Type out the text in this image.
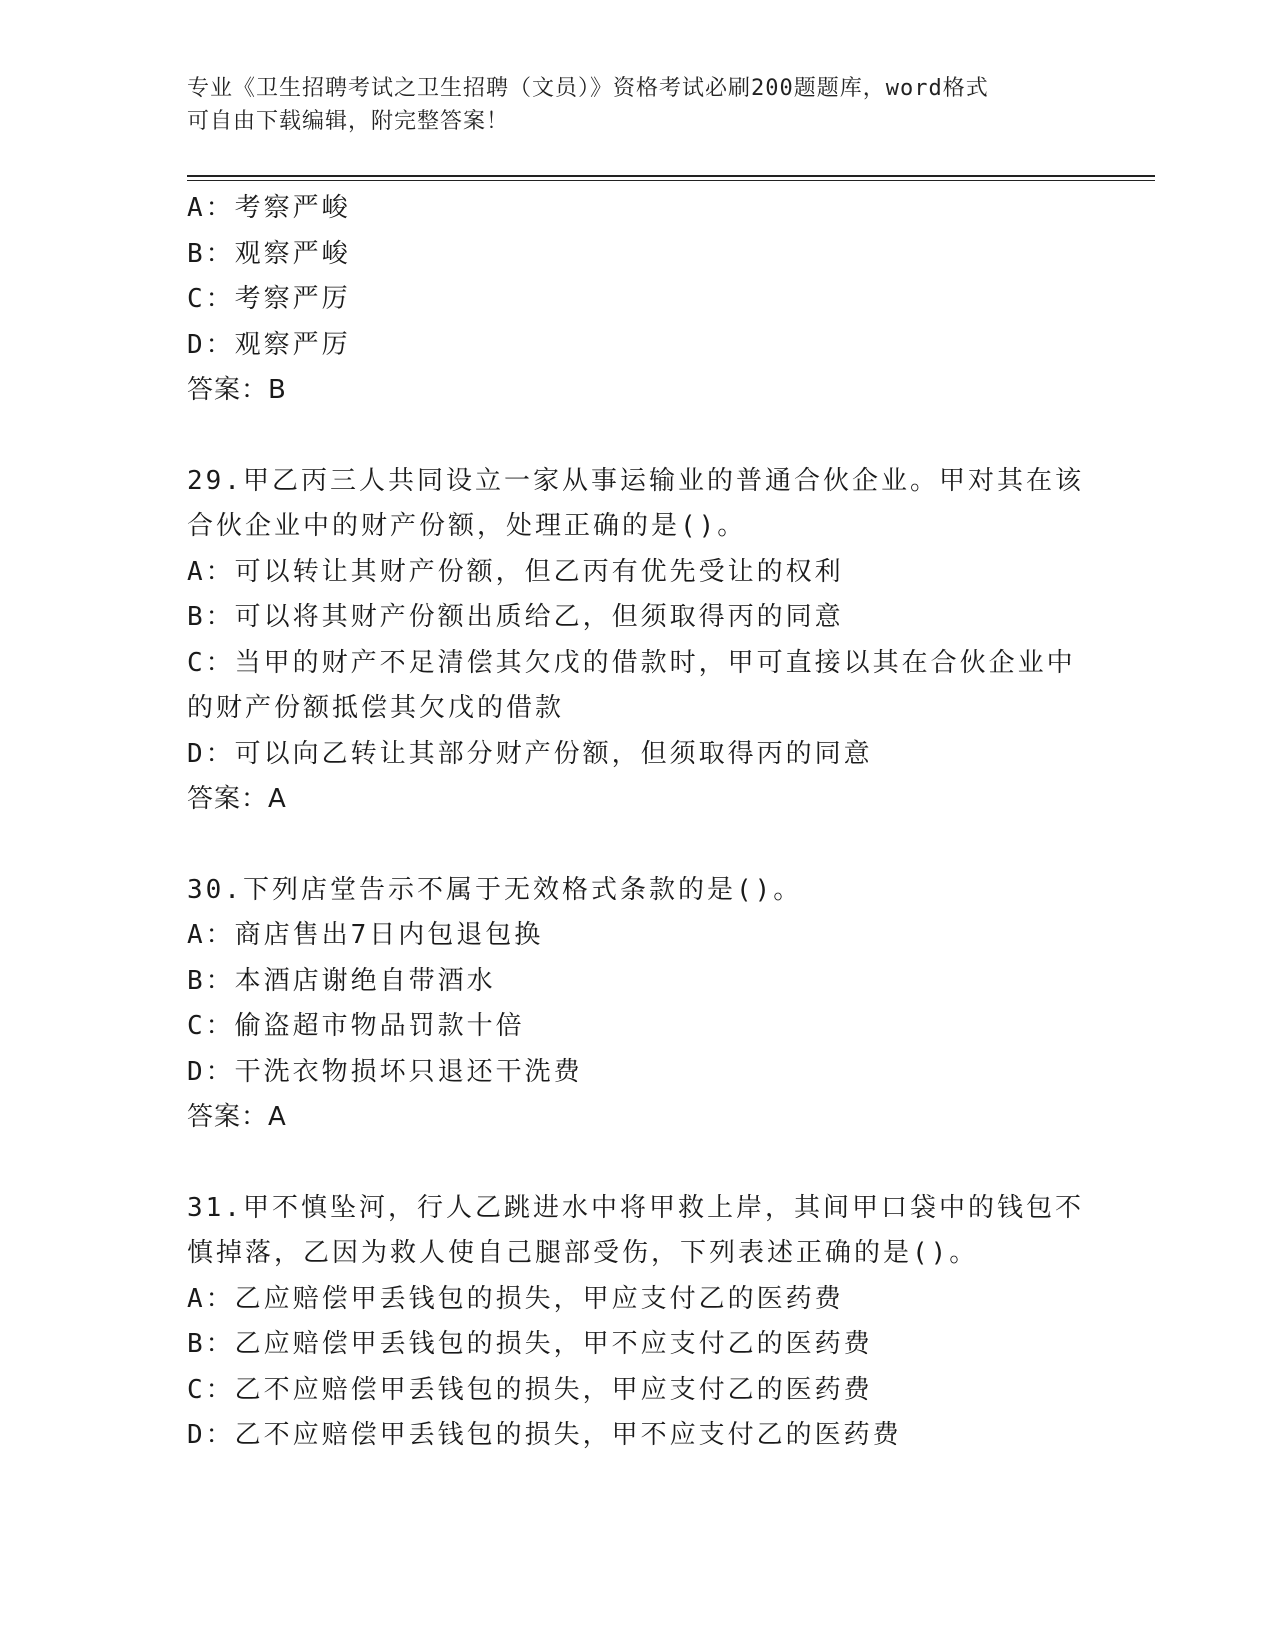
专业《卫生招聘考试之卫生招聘（文员）》资格考试必刷200题题库，word格式
可自由下载编辑，附完整答案！
A：考察严峻
B：观察严峻
C：考察严厉
D：观察严厉
答案：B
29.甲乙丙三人共同设立一家从事运输业的普通合伙企业。甲对其在该
合伙企业中的财产份额，处理正确的是()。
A：可以转让其财产份额，但乙丙有优先受让的权利
B：可以将其财产份额出质给乙，但须取得丙的同意
C：当甲的财产不足清偿其欠戊的借款时，甲可直接以其在合伙企业中
的财产份额抵偿其欠戊的借款
D：可以向乙转让其部分财产份额，但须取得丙的同意
答案：A
30.下列店堂告示不属于无效格式条款的是()。
A：商店售出7日内包退包换
B：本酒店谢绝自带酒水
C：偷盗超市物品罚款十倍
D：干洗衣物损坏只退还干洗费
答案：A
31.甲不慎坠河，行人乙跳进水中将甲救上岸，其间甲口袋中的钱包不
慎掉落，乙因为救人使自己腿部受伤，下列表述正确的是()。
A：乙应赔偿甲丢钱包的损失，甲应支付乙的医药费
B：乙应赔偿甲丢钱包的损失，甲不应支付乙的医药费
C：乙不应赔偿甲丢钱包的损失，甲应支付乙的医药费
D：乙不应赔偿甲丢钱包的损失，甲不应支付乙的医药费
